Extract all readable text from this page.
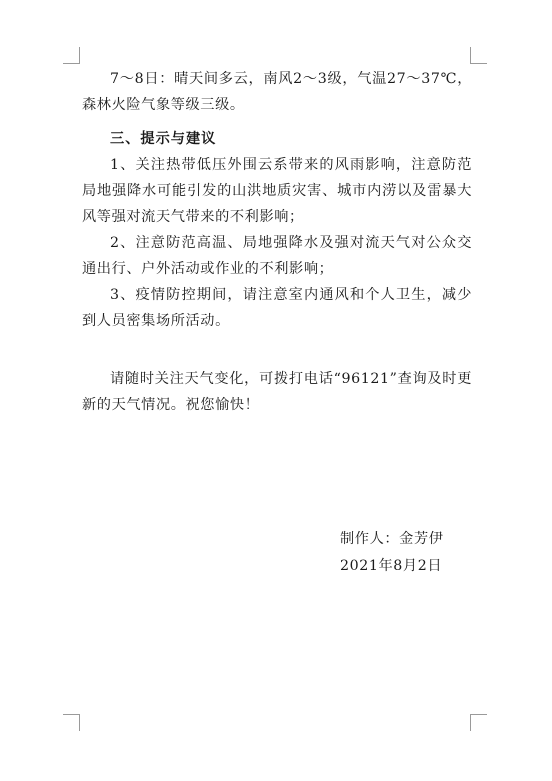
7～8日：晴天间多云，南风2～3级，气温27～37℃，森林火险气象等级三级。

三、提示与建议

1、关注热带低压外围云系带来的风雨影响，注意防范局地强降水可能引发的山洪地质灾害、城市内涝以及雷暴大风等强对流天气带来的不利影响；

2、注意防范高温、局地强降水及强对流天气对公众交通出行、户外活动或作业的不利影响；

3、疫情防控期间，请注意室内通风和个人卫生，减少到人员密集场所活动。

请随时关注天气变化，可拨打电话“96121”查询及时更新的天气情况。祝您愉快！

制作人：金芳伊
2021年8月2日
